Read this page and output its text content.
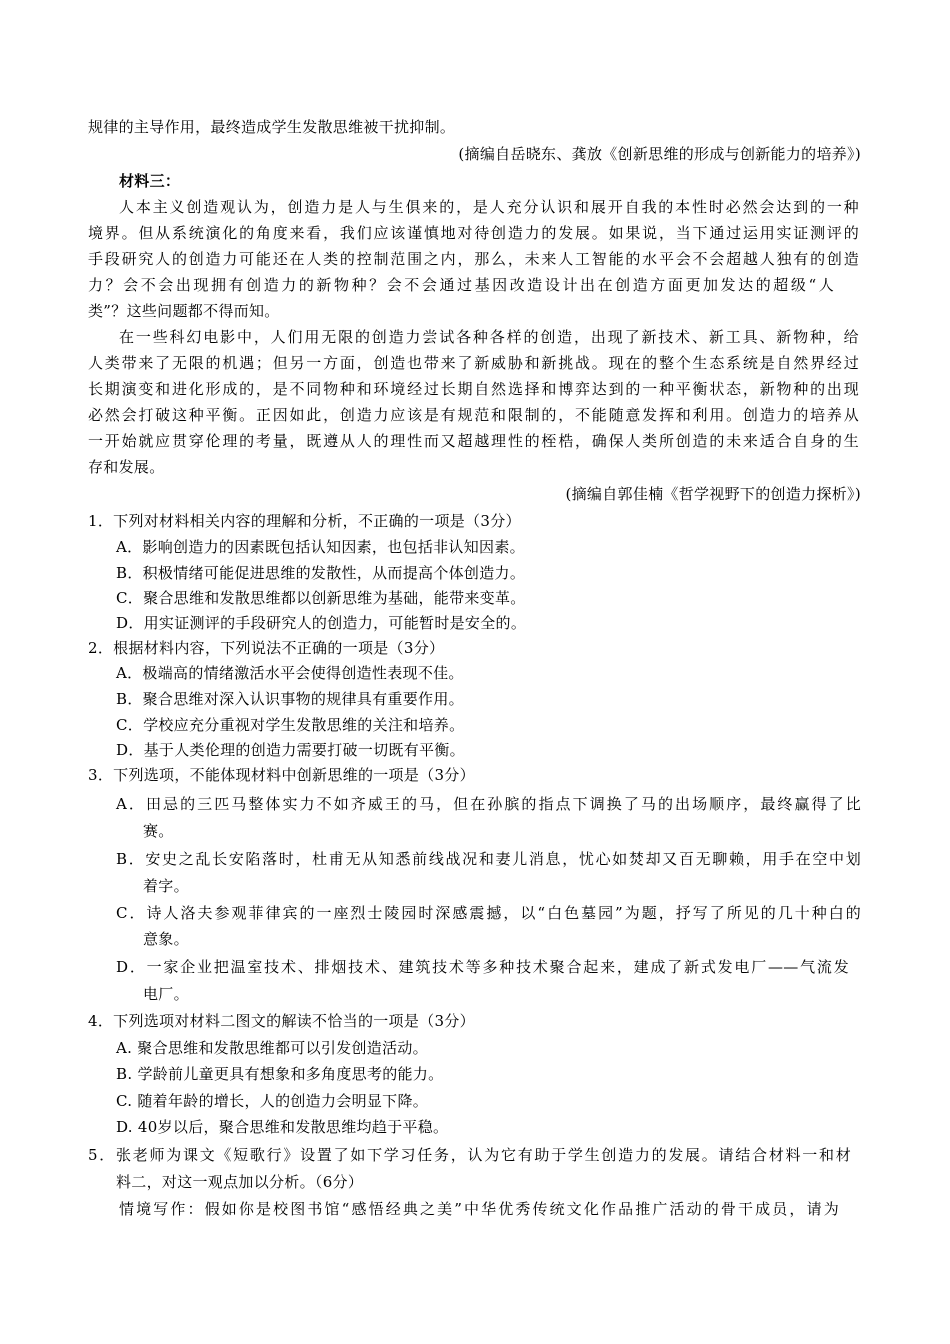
规律的主导作用，最终造成学生发散思维被干扰抑制。
(摘编自岳晓东、龚放《创新思维的形成与创新能力的培养》)
材料三：
人本主义创造观认为，创造力是人与生俱来的，是人充分认识和展开自我的本性时必然会达到的一种
境界。但从系统演化的角度来看，我们应该谨慎地对待创造力的发展。如果说，当下通过运用实证测评的
手段研究人的创造力可能还在人类的控制范围之内，那么，未来人工智能的水平会不会超越人独有的创造
力？会不会出现拥有创造力的新物种？会不会通过基因改造设计出在创造方面更加发达的超级“人
类”？这些问题都不得而知。
在一些科幻电影中，人们用无限的创造力尝试各种各样的创造，出现了新技术、新工具、新物种，给
人类带来了无限的机遇；但另一方面，创造也带来了新威胁和新挑战。现在的整个生态系统是自然界经过
长期演变和进化形成的，是不同物种和环境经过长期自然选择和博弈达到的一种平衡状态，新物种的出现
必然会打破这种平衡。正因如此，创造力应该是有规范和限制的，不能随意发挥和利用。创造力的培养从
一开始就应贯穿伦理的考量，既遵从人的理性而又超越理性的桎梏，确保人类所创造的未来适合自身的生
存和发展。
(摘编自郭佳楠《哲学视野下的创造力探析》)
1．下列对材料相关内容的理解和分析，不正确的一项是（3分）
A．影响创造力的因素既包括认知因素，也包括非认知因素。
B．积极情绪可能促进思维的发散性，从而提高个体创造力。
C．聚合思维和发散思维都以创新思维为基础，能带来变革。
D．用实证测评的手段研究人的创造力，可能暂时是安全的。
2．根据材料内容，下列说法不正确的一项是（3分）
A．极端高的情绪激活水平会使得创造性表现不佳。
B．聚合思维对深入认识事物的规律具有重要作用。
C．学校应充分重视对学生发散思维的关注和培养。
D．基于人类伦理的创造力需要打破一切既有平衡。
3．下列选项，不能体现材料中创新思维的一项是（3分）
A．田忌的三匹马整体实力不如齐威王的马，但在孙膑的指点下调换了马的出场顺序，最终赢得了比
赛。
B．安史之乱长安陷落时，杜甫无从知悉前线战况和妻儿消息，忧心如焚却又百无聊赖，用手在空中划
着字。
C．诗人洛夫参观菲律宾的一座烈士陵园时深感震撼，以“白色墓园”为题，抒写了所见的几十种白的
意象。
D．一家企业把温室技术、排烟技术、建筑技术等多种技术聚合起来，建成了新式发电厂——气流发
电厂。
4．下列选项对材料二图文的解读不恰当的一项是（3分）
A. 聚合思维和发散思维都可以引发创造活动。
B. 学龄前儿童更具有想象和多角度思考的能力。
C. 随着年龄的增长，人的创造力会明显下降。
D. 40岁以后，聚合思维和发散思维均趋于平稳。
5．张老师为课文《短歌行》设置了如下学习任务，认为它有助于学生创造力的发展。请结合材料一和材
料二，对这一观点加以分析。（6分）
情境写作：假如你是校图书馆“感悟经典之美”中华优秀传统文化作品推广活动的骨干成员，请为
